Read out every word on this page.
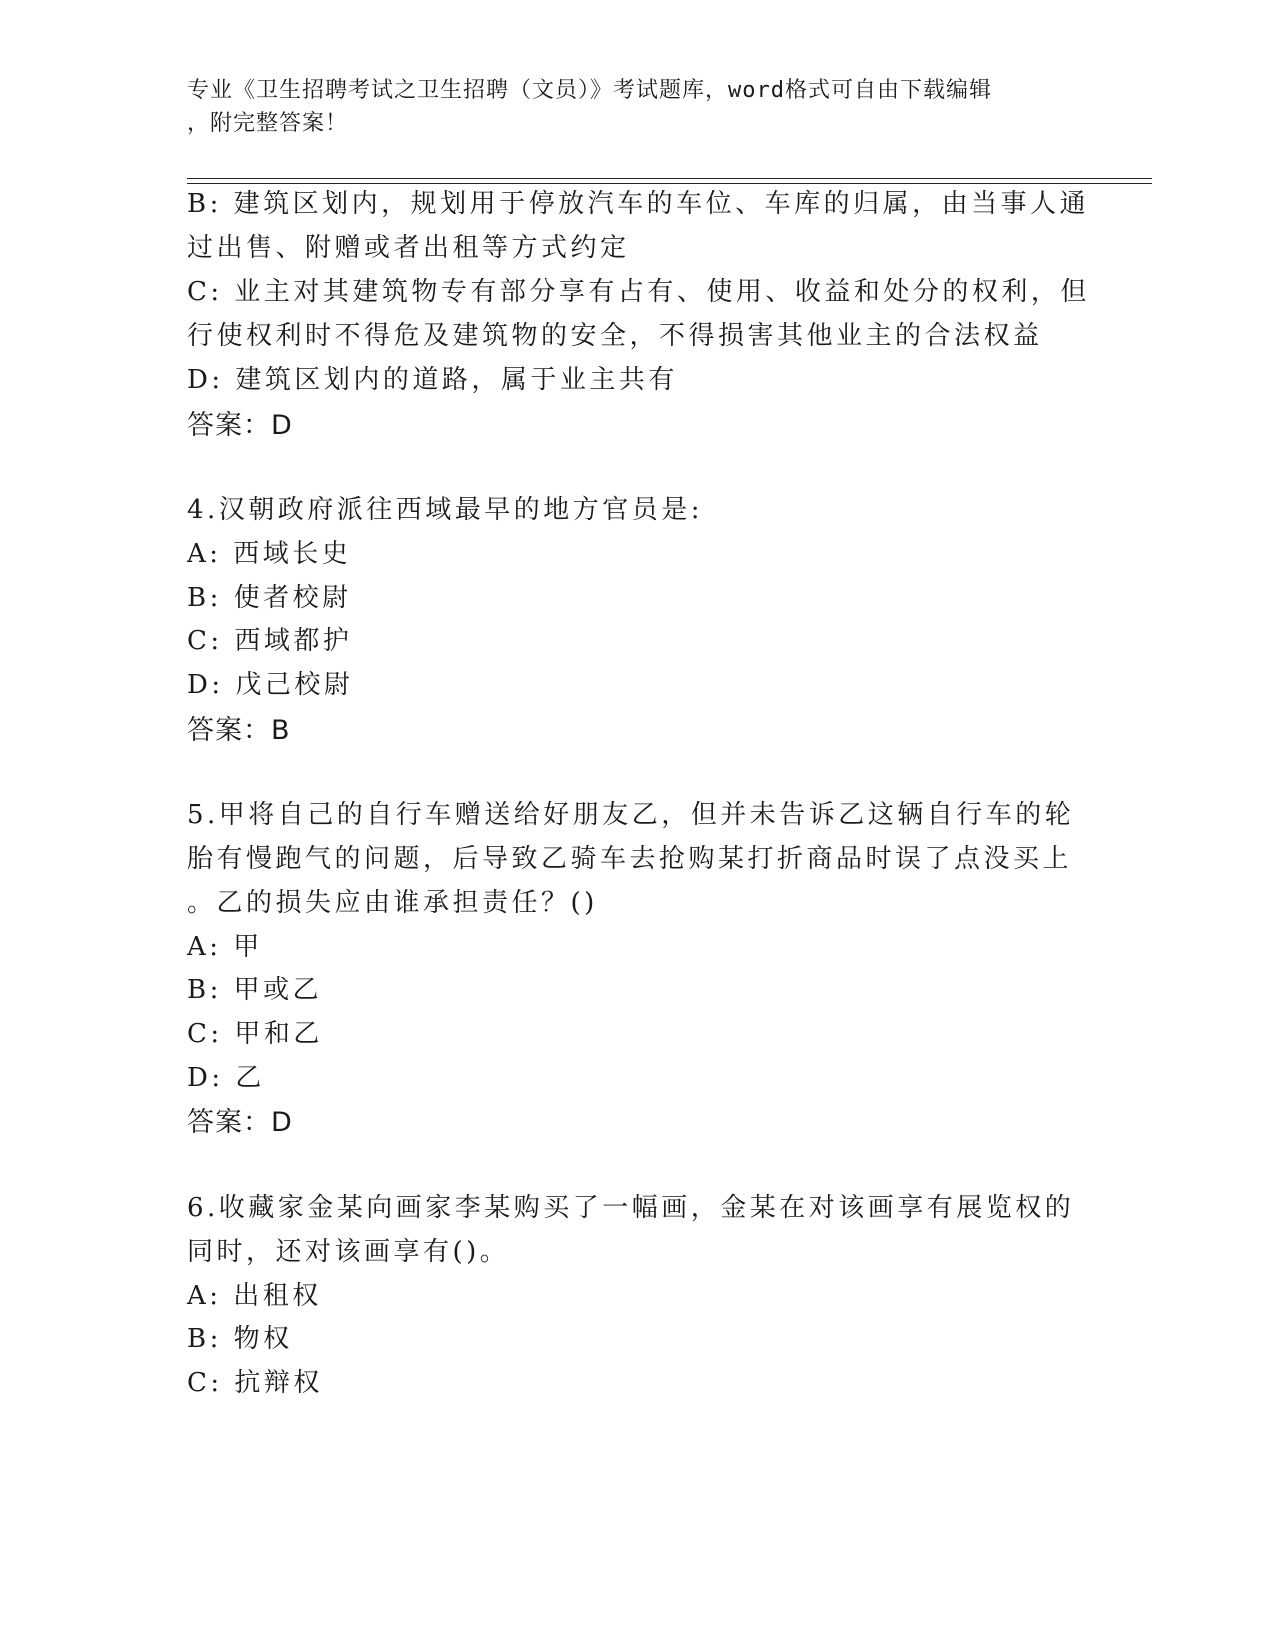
专业《卫生招聘考试之卫生招聘（文员）》考试题库，word格式可自由下载编辑
，附完整答案！
B: 建筑区划内，规划用于停放汽车的车位、车库的归属，由当事人通
过出售、附赠或者出租等方式约定
C: 业主对其建筑物专有部分享有占有、使用、收益和处分的权利，但
行使权利时不得危及建筑物的安全，不得损害其他业主的合法权益
D: 建筑区划内的道路，属于业主共有
答案：D
4.汉朝政府派往西域最早的地方官员是:
A: 西域长史
B: 使者校尉
C: 西域都护
D: 戊己校尉
答案：B
5.甲将自己的自行车赠送给好朋友乙，但并未告诉乙这辆自行车的轮
胎有慢跑气的问题，后导致乙骑车去抢购某打折商品时误了点没买上
。乙的损失应由谁承担责任？()
A: 甲
B: 甲或乙
C: 甲和乙
D: 乙
答案：D
6.收藏家金某向画家李某购买了一幅画，金某在对该画享有展览权的
同时，还对该画享有()。
A: 出租权
B: 物权
C: 抗辩权
